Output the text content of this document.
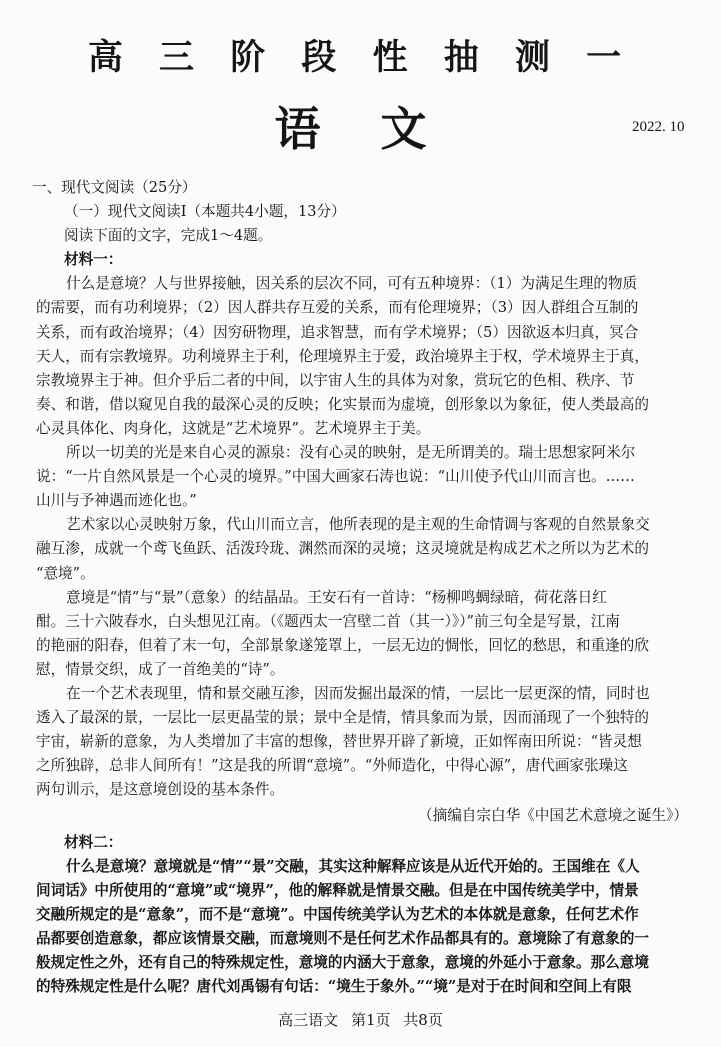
高 三 阶 段 性 抽 测 一
语文	2022. 10
一、现代文阅读（25分）
（一）现代文阅读Ⅰ（本题共4小题，13分）
阅读下面的文字，完成1～4题。
材料一：
什么是意境？人与世界接触，因关系的层次不同，可有五种境界：（1）为满足生理的物质
的需要，而有功利境界；（2）因人群共存互爱的关系，而有伦理境界；（3）因人群组合互制的
关系，而有政治境界；（4）因穷研物理，追求智慧，而有学术境界；（5）因欲返本归真，冥合
天人，而有宗教境界。功利境界主于利，伦理境界主于爱，政治境界主于权，学术境界主于真，
宗教境界主于神。但介乎后二者的中间，以宇宙人生的具体为对象，赏玩它的色相、秩序、节
奏、和谐，借以窥见自我的最深心灵的反映；化实景而为虚境，创形象以为象征，使人类最高的
心灵具体化、肉身化，这就是“艺术境界”。艺术境界主于美。
所以一切美的光是来自心灵的源泉：没有心灵的映射，是无所谓美的。瑞士思想家阿米尔
说：“一片自然风景是一个心灵的境界。”中国大画家石涛也说：“山川使予代山川而言也。……
山川与予神遇而迹化也。”
艺术家以心灵映射万象，代山川而立言，他所表现的是主观的生命情调与客观的自然景象交
融互渗，成就一个鸢飞鱼跃、活泼玲珑、渊然而深的灵境；这灵境就是构成艺术之所以为艺术的
“意境”。
意境是“情”与“景”（意象）的结晶品。王安石有一首诗：“杨柳鸣蜩绿暗，荷花落日红
酣。三十六陂春水，白头想见江南。（《题西太一宫壁二首（其一）》）”前三句全是写景，江南
的艳丽的阳春，但着了末一句，全部景象遂笼罩上，一层无边的惆怅，回忆的愁思，和重逢的欣
慰，情景交织，成了一首绝美的“诗”。
在一个艺术表现里，情和景交融互渗，因而发掘出最深的情，一层比一层更深的情，同时也
透入了最深的景，一层比一层更晶莹的景；景中全是情，情具象而为景，因而涌现了一个独特的
宇宙，崭新的意象，为人类增加了丰富的想像，替世界开辟了新境，正如恽南田所说：“皆灵想
之所独辟，总非人间所有！”这是我的所谓“意境”。“外师造化，中得心源”，唐代画家张璪这
两句训示，是这意境创设的基本条件。
（摘编自宗白华《中国艺术意境之诞生》）
材料二：
什么是意境？意境就是“情”“景”交融，其实这种解释应该是从近代开始的。王国维在《人
间词话》中所使用的“意境”或“境界”，他的解释就是情景交融。但是在中国传统美学中，情景
交融所规定的是“意象”，而不是“意境”。中国传统美学认为艺术的本体就是意象，任何艺术作
品都要创造意象，都应该情景交融，而意境则不是任何艺术作品都具有的。意境除了有意象的一
般规定性之外，还有自己的特殊规定性，意境的内涵大于意象，意境的外延小于意象。那么意境
的特殊规定性是什么呢？唐代刘禹锡有句话：“境生于象外。”“境”是对于在时间和空间上有限
高三语文 第1页 共8页
